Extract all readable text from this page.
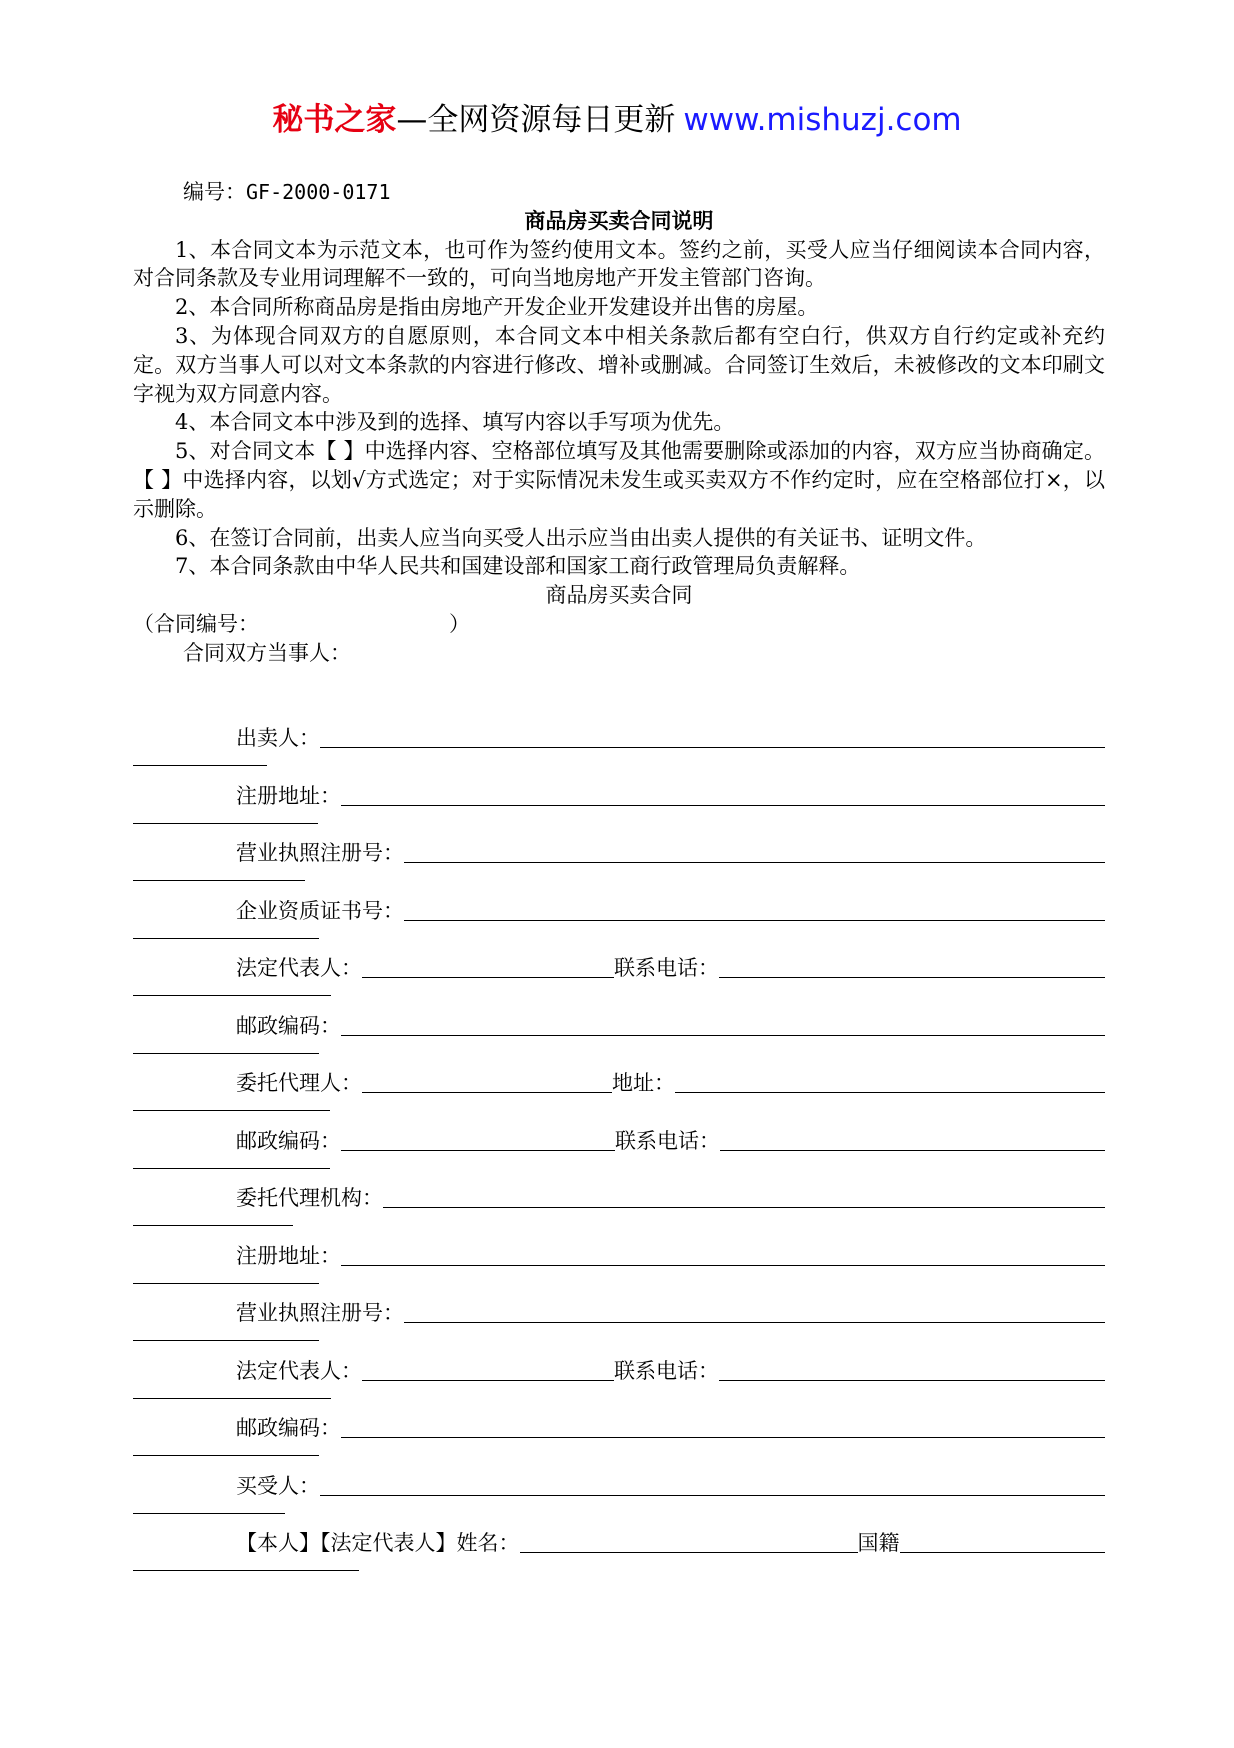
秘书之家—全网资源每日更新 www.mishuzj.com
编号：GF-2000-0171
商品房买卖合同说明
1、本合同文本为示范文本，也可作为签约使用文本。签约之前，买受人应当仔细阅读本合同内容，对合同条款及专业用词理解不一致的，可向当地房地产开发主管部门咨询。
2、本合同所称商品房是指由房地产开发企业开发建设并出售的房屋。
3、为体现合同双方的自愿原则，本合同文本中相关条款后都有空白行，供双方自行约定或补充约定。双方当事人可以对文本条款的内容进行修改、增补或删减。合同签订生效后，未被修改的文本印刷文字视为双方同意内容。
4、本合同文本中涉及到的选择、填写内容以手写项为优先。
5、对合同文本【 】中选择内容、空格部位填写及其他需要删除或添加的内容，双方应当协商确定。【 】中选择内容，以划√方式选定；对于实际情况未发生或买卖双方不作约定时，应在空格部位打×，以示删除。
6、在签订合同前，出卖人应当向买受人出示应当由出卖人提供的有关证书、证明文件。
7、本合同条款由中华人民共和国建设部和国家工商行政管理局负责解释。
商品房买卖合同
（合同编号：	）
合同双方当事人：
出卖人：
注册地址：
营业执照注册号：
企业资质证书号：
法定代表人：	联系电话：
邮政编码：
委托代理人：	地址：
邮政编码：	联系电话：
委托代理机构：
注册地址：
营业执照注册号：
法定代表人：	联系电话：
邮政编码：
买受人：
【本人】【法定代表人】姓名：	国籍
